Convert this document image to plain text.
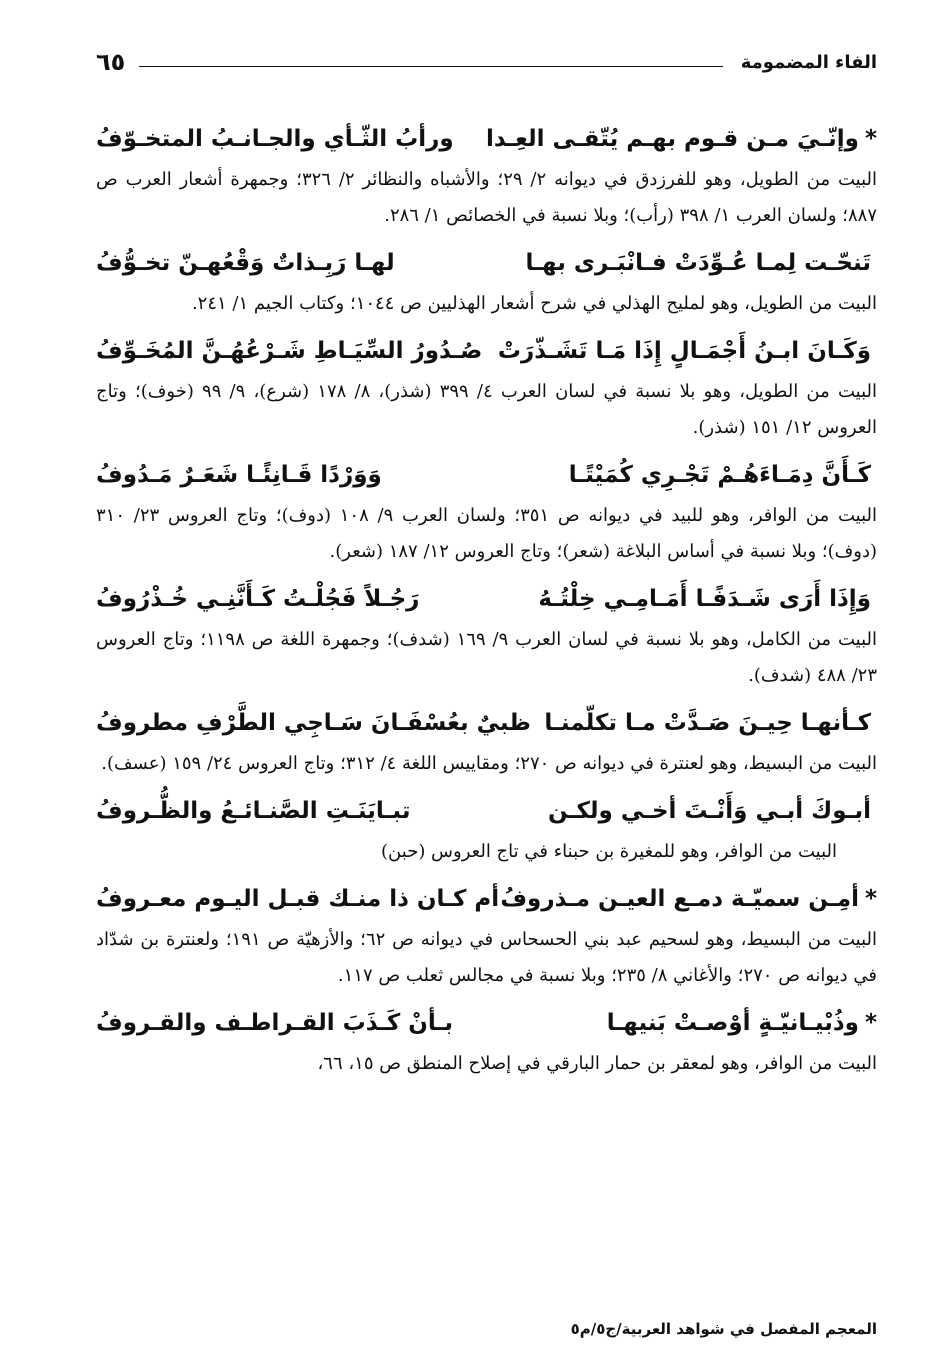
الفاء المضمومة
٦٥
*وإنّـيَ مـن قـوم بهـم يُتّقـى العِـدا
ورأبُ الثّـأي والجـانـبُ المتخـوّفُ

البيت من الطويل، وهو للفرزدق في ديوانه ٢/ ٢٩؛ والأشباه والنظائر ٢/ ٣٢٦؛ وجمهرة أشعار العرب ص ٨٨٧؛ ولسان العرب ١/ ٣٩٨ (رأب)؛ وبلا نسبة في الخصائص ١/ ٢٨٦.

تَنحّـت لِمـا عُـوِّدَتْ فـانْبَـرى بهـا
لهـا رَبِـذاتٌ وَقْعُهـنّ تخـوُّفُ

البيت من الطويل، وهو لمليح الهذلي في شرح أشعار الهذليين ص ١٠٤٤؛ وكتاب الجيم ١/ ٢٤١.

وَكَـانَ ابـنُ أَجْمَـالٍ إِذَا مَـا تَشَـذّرَتْ
صُـدُورُ السِّيَـاطِ شَـرْعُهُـنَّ المُخَـوِّفُ

البيت من الطويل، وهو بلا نسبة في لسان العرب ٤/ ٣٩٩ (شذر)، ٨/ ١٧٨ (شرع)، ٩/ ٩٩ (خوف)؛ وتاج العروس ١٢/ ١٥١ (شذر).

كَـأَنَّ دِمَـاءَهُـمْ تَجْـرِي كُمَيْتًـا
وَوَرْدًا قَـانِئًـا شَعَـرٌ مَـدُوفُ

البيت من الوافر، وهو للبيد في ديوانه ص ٣٥١؛ ولسان العرب ٩/ ١٠٨ (دوف)؛ وتاج العروس ٢٣/ ٣١٠ (دوف)؛ وبلا نسبة في أساس البلاغة (شعر)؛ وتاج العروس ١٢/ ١٨٧ (شعر).

وَإِذَا أَرَى شَـدَفًـا أَمَـامِـي خِلْتُـهُ
رَجُـلاً فَجُلْـتُ كَـأَنَّنِـي خُـذْرُوفُ

البيت من الكامل، وهو بلا نسبة في لسان العرب ٩/ ١٦٩ (شدف)؛ وجمهرة اللغة ص ١١٩٨؛ وتاج العروس ٢٣/ ٤٨٨ (شدف).

كـأنهـا حِيـنَ صَـدَّتْ مـا تكلّمنـا
ظبيٌ بعُسْفَـانَ سَـاجِي الطَّرْفِ مطروفُ

البيت من البسيط، وهو لعنترة في ديوانه ص ٢٧٠؛ ومقاييس اللغة ٤/ ٣١٢؛ وتاج العروس ٢٤/ ١٥٩ (عسف).

أبـوكَ أبـي وَأَنْـتَ أخـي ولكـن
تبـايَنَـتِ الصَّنـائـعُ والظُّـروفُ

البيت من الوافر، وهو للمغيرة بن حبناء في تاج العروس (حبن)

*أمِـن سميّـة دمـع العيـن مـذروفُ
أم كـان ذا منـك قبـل اليـوم معـروفُ

البيت من البسيط، وهو لسحيم عبد بني الحسحاس في ديوانه ص ٦٢؛ والأزهيّة ص ١٩١؛ ولعنترة بن شدّاد في ديوانه ص ٢٧٠؛ والأغاني ٨/ ٢٣٥؛ وبلا نسبة في مجالس ثعلب ص ١١٧.

*وذُبْيـانيّـةٍ أوْصـتْ بَنيهـا
بـأنْ كَـذَبَ القـراطـف والقـروفُ

البيت من الوافر، وهو لمعقر بن حمار البارقي في إصلاح المنطق ص ١٥، ٦٦،

المعجم المفصل في شواهد العربية/ج٥/م٥
